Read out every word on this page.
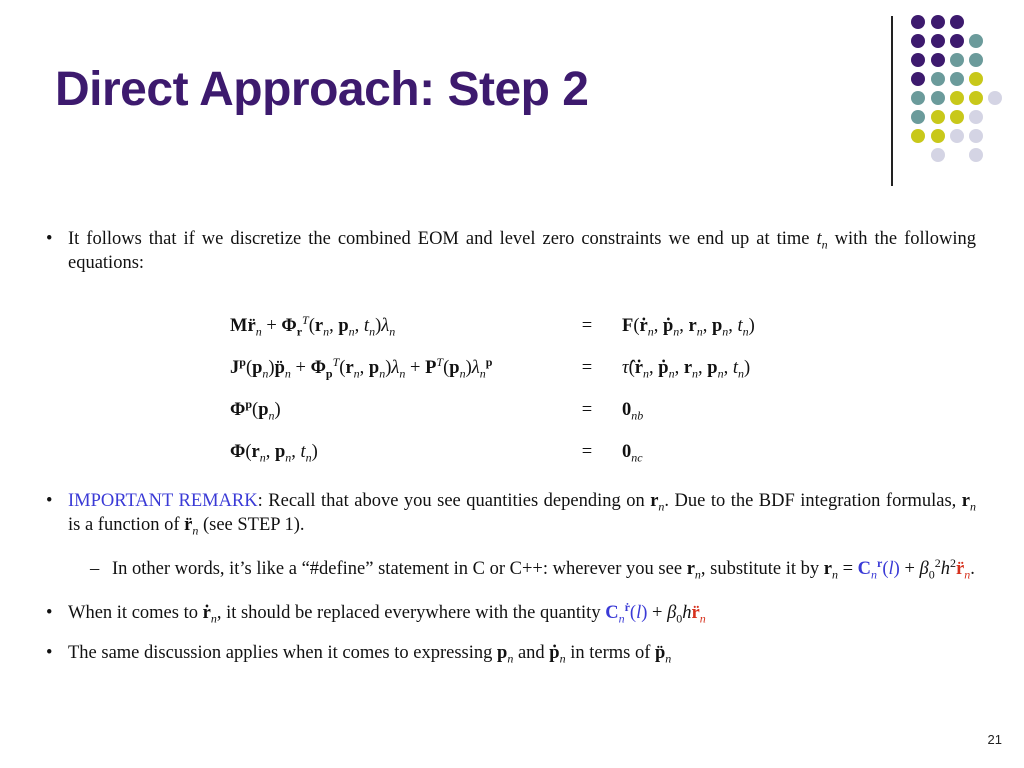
Direct Approach: Step 2
• It follows that if we discretize the combined EOM and level zero constraints we end up at time $t_n$ with the following equations:
$Mr̈_n + \Phi_r^T(r_n$, $p_n$, $t_n)\lambda_n$	=	F(ṙ$_n$, ṗ$_n$, $r_n$, $p_n$, $t_n$)
$J^p(p_n)p̈_n + \Phi_p^T(r_n$, $p_n)\lambda_n + P^T(p_n)\lambda_n^p$	=	τ̂(ṙ$_n$, ṗ$_n$, $r_n$, $p_n$, $t_n$)
$\Phi^p(p_n)$	=	$0_{nb}$
$\Phi(r_n$, $p_n$, $t_n$)	=	$0_{nc}$
• IMPORTANT REMARK: Recall that above you see quantities depending on $r_n$. Due to the BDF integration formulas, $r_n$ is a function of $r̈_n$ (see STEP 1).
– In other words, it’s like a “#define” statement in C or C++: wherever you see $r_n$, substitute it by $r_n = C_n^r(l)$ + $\beta_0^2h^2r̈_n$.
• When it comes to ṙ$_n$, it should be replaced everywhere with the quantity $C_n^ṙ(l)$ + $\beta_0hr̈_n$
• The same discussion applies when it comes to expressing $p_n$ and ṗ$_n$ in terms of $p̈_n$
21
